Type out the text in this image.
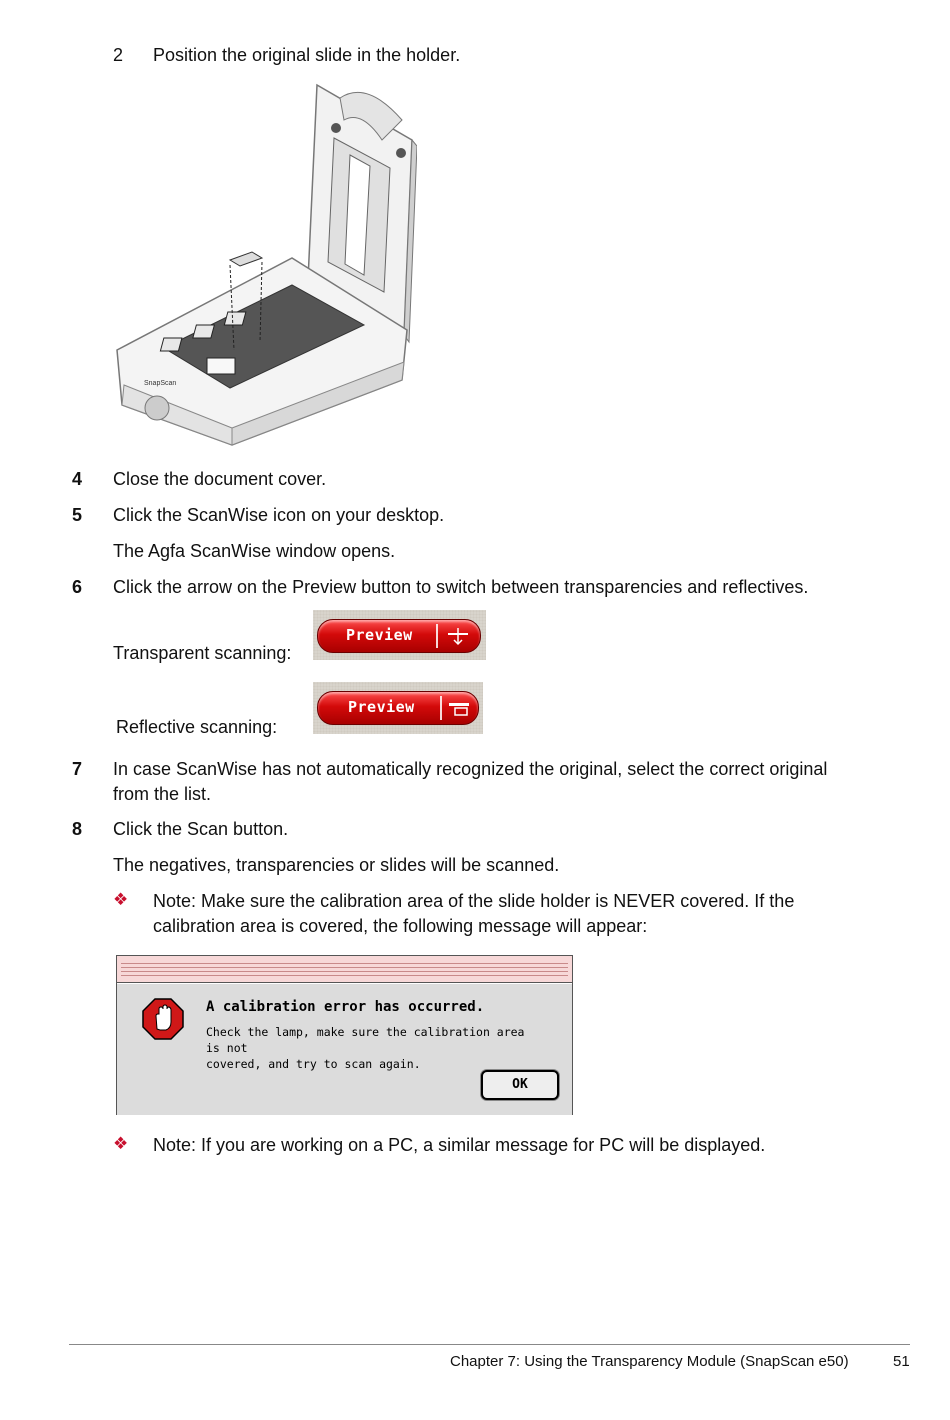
2 Position the original slide in the holder.
SnapScan
4 Close the document cover.
5 Click the ScanWise icon on your desktop.
The Agfa ScanWise window opens.
6 Click the arrow on the Preview button to switch between transparencies and reflectives.
Transparent scanning:
Preview
Reflective scanning:
Preview
7 In case ScanWise has not automatically recognized the original, select the correct original
from the list.
8 Click the Scan button.
The negatives, transparencies or slides will be scanned.
❖ Note: Make sure the calibration area of the slide holder is NEVER covered. If the
calibration area is covered, the following message will appear:
A calibration error has occurred.
Check the lamp, make sure the calibration area is not
covered, and try to scan again.
OK
❖ Note: If you are working on a PC, a similar message for PC will be displayed.
Chapter 7: Using the Transparency Module (SnapScan e50)	51
